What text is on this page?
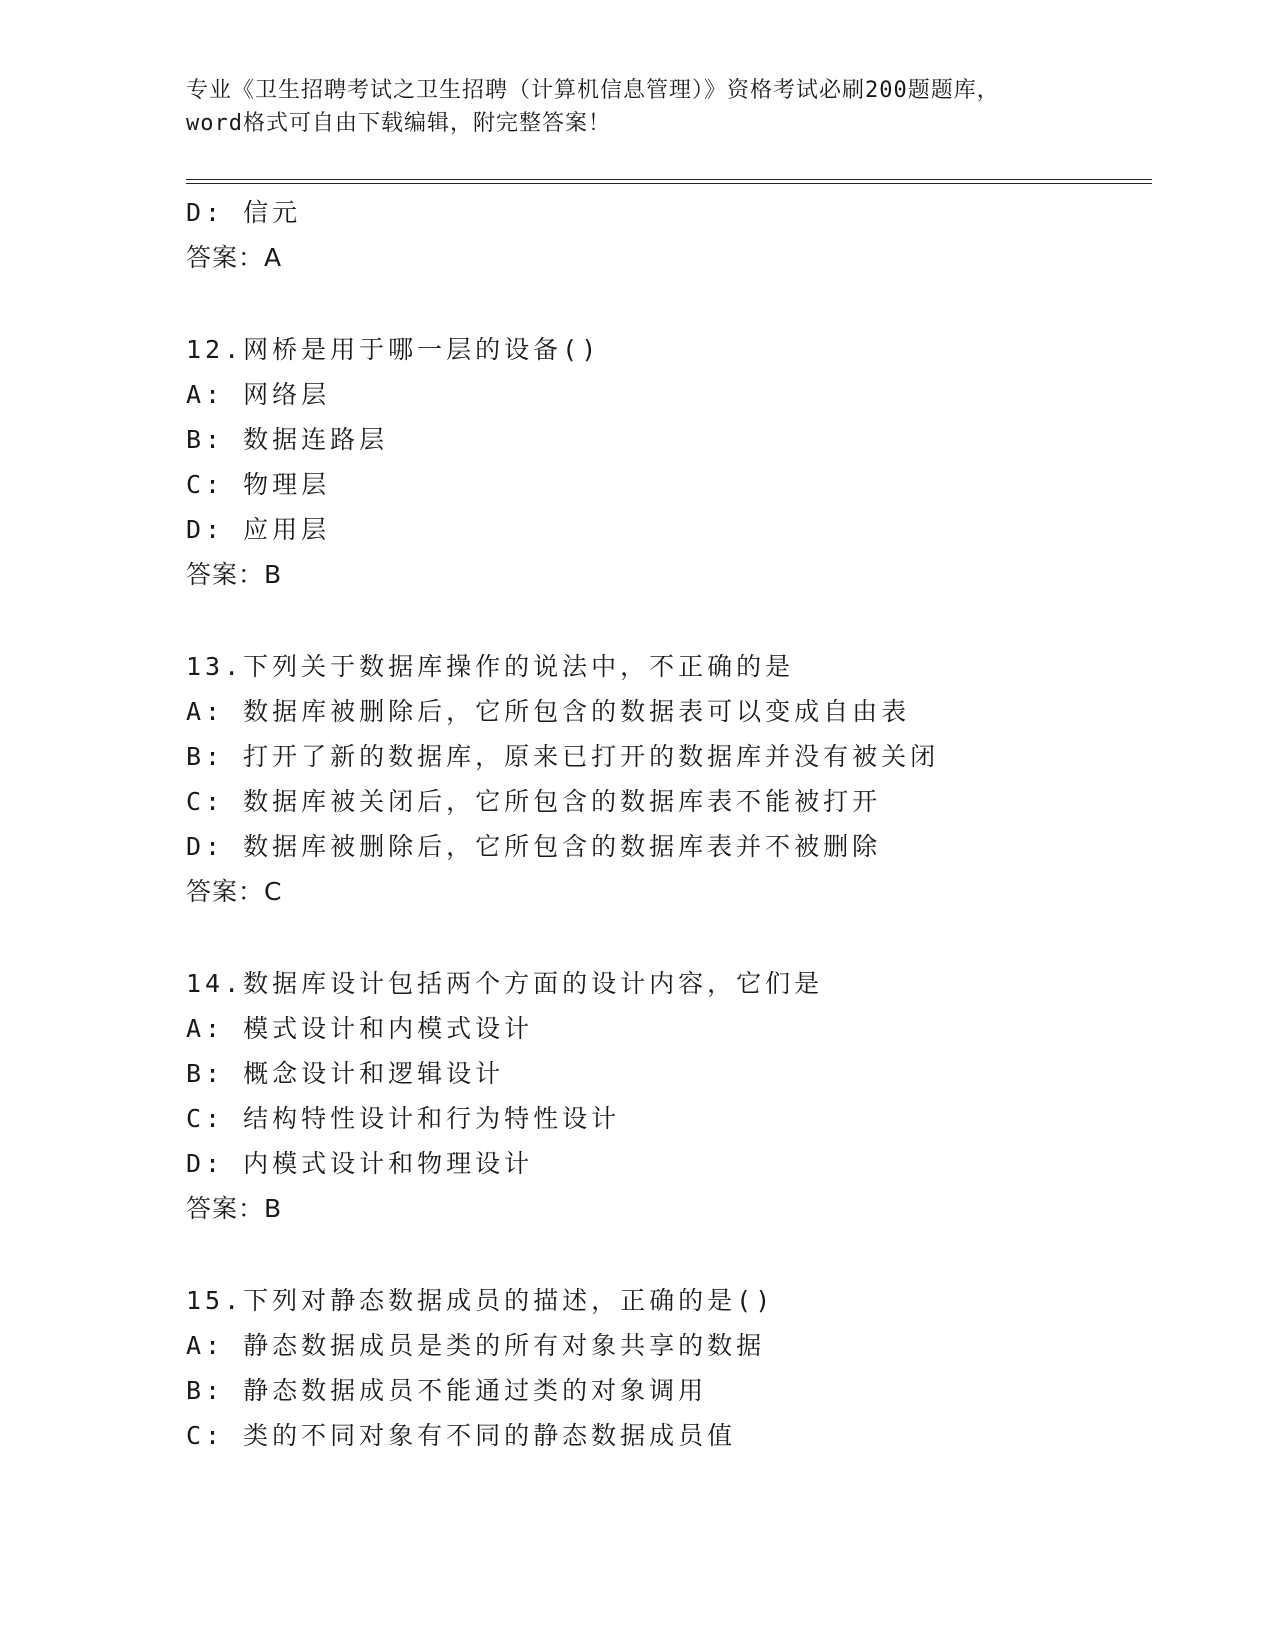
专业《卫生招聘考试之卫生招聘（计算机信息管理）》资格考试必刷200题题库，
word格式可自由下载编辑，附完整答案！
D: 信元
答案：A
12.网桥是用于哪一层的设备()
A: 网络层
B: 数据连路层
C: 物理层
D: 应用层
答案：B
13.下列关于数据库操作的说法中，不正确的是
A: 数据库被删除后，它所包含的数据表可以变成自由表
B: 打开了新的数据库，原来已打开的数据库并没有被关闭
C: 数据库被关闭后，它所包含的数据库表不能被打开
D: 数据库被删除后，它所包含的数据库表并不被删除
答案：C
14.数据库设计包括两个方面的设计内容，它们是
A: 模式设计和内模式设计
B: 概念设计和逻辑设计
C: 结构特性设计和行为特性设计
D: 内模式设计和物理设计
答案：B
15.下列对静态数据成员的描述，正确的是()
A: 静态数据成员是类的所有对象共享的数据
B: 静态数据成员不能通过类的对象调用
C: 类的不同对象有不同的静态数据成员值
